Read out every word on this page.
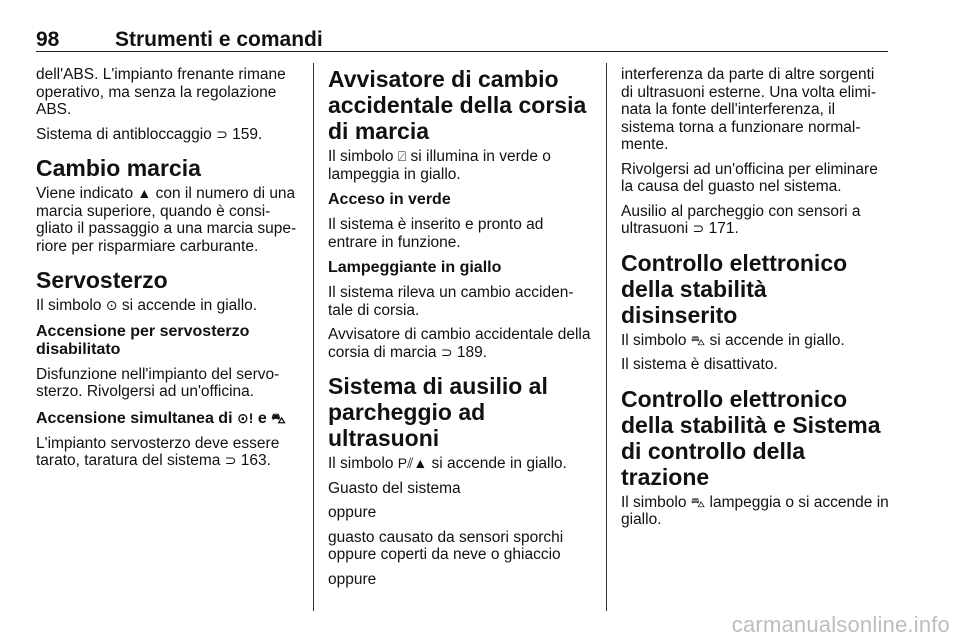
98	Strumenti e comandi

dell'ABS. L'impianto frenante rimane operativo, ma senza la regolazione ABS.

Sistema di antibloccaggio ⊃ 159.

Cambio marcia

Viene indicato ▲ con il numero di una marcia superiore, quando è consi-gliato il passaggio a una marcia supe-riore per risparmiare carburante.

Servosterzo

Il simbolo ⊙ si accende in giallo.

Accensione per servosterzo disabilitato

Disfunzione nell'impianto del servo-sterzo. Rivolgersi ad un'officina.

Accensione simultanea di ⊙! e ⛍

L'impianto servosterzo deve essere tarato, taratura del sistema ⊃ 163.

Avvisatore di cambio accidentale della corsia di marcia

Il simbolo ⍁ si illumina in verde o lampeggia in giallo.

Acceso in verde

Il sistema è inserito e pronto ad entrare in funzione.

Lampeggiante in giallo

Il sistema rileva un cambio acciden-tale di corsia.

Avvisatore di cambio accidentale della corsia di marcia ⊃ 189.

Sistema di ausilio al parcheggio ad ultrasuoni

Il simbolo P⫽▲ si accende in giallo.

Guasto del sistema

oppure

guasto causato da sensori sporchi oppure coperti da neve o ghiaccio

oppure

interferenza da parte di altre sorgenti di ultrasuoni esterne. Una volta elimi-nata la fonte dell'interferenza, il sistema torna a funzionare normal-mente.

Rivolgersi ad un'officina per eliminare la causa del guasto nel sistema.

Ausilio al parcheggio con sensori a ultrasuoni ⊃ 171.

Controllo elettronico della stabilità disinserito

Il simbolo ⛍ si accende in giallo.

Il sistema è disattivato.

Controllo elettronico della stabilità e Sistema di controllo della trazione

Il simbolo ⛍ lampeggia o si accende in giallo.

carmanualsonline.info
